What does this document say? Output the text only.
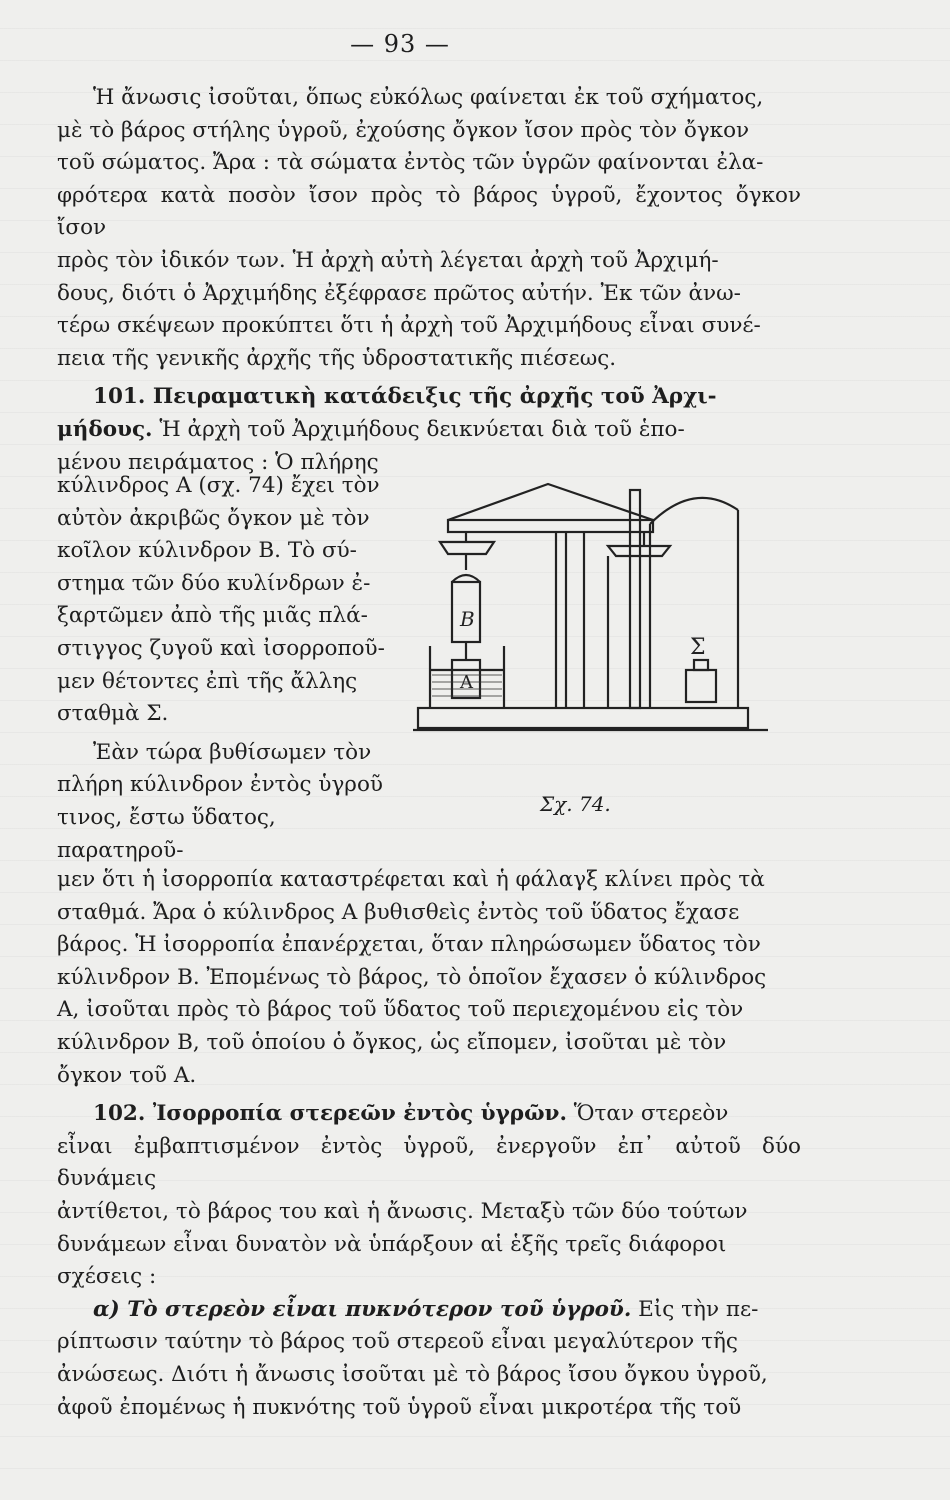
— 93 —

Ἡ ἄνωσις ἰσοῦται, ὅπως εὐκόλως φαίνεται ἐκ τοῦ σχήματος,

μὲ τὸ βάρος στήλης ὑγροῦ, ἐχούσης ὄγκον ἴσον πρὸς τὸν ὄγκον

τοῦ σώματος. Ἄρα : τὰ σώματα ἐντὸς τῶν ὑγρῶν φαίνονται ἐλα-

φρότερα κατὰ ποσὸν ἴσον πρὸς τὸ βάρος ὑγροῦ, ἔχοντος ὄγκον ἴσον

πρὸς τὸν ἰδικόν των. Ἡ ἀρχὴ αὐτὴ λέγεται ἀρχὴ τοῦ Ἀρχιμή-

δους, διότι ὁ Ἀρχιμήδης ἐξέφρασε πρῶτος αὐτήν. Ἐκ τῶν ἀνω-

τέρω σκέψεων προκύπτει ὅτι ἡ ἀρχὴ τοῦ Ἀρχιμήδους εἶναι συνέ-

πεια τῆς γενικῆς ἀρχῆς τῆς ὑδροστατικῆς πιέσεως.

101. Πειραματικὴ κατάδειξις τῆς ἀρχῆς τοῦ Ἀρχι-

μήδους. Ἡ ἀρχὴ τοῦ Ἀρχιμήδους δεικνύεται διὰ τοῦ ἑπο-

μένου πειράματος : Ὁ πλήρης

κύλινδρος Α (σχ. 74) ἔχει τὸν

αὐτὸν ἀκριβῶς ὄγκον μὲ τὸν

κοῖλον κύλινδρον Β. Τὸ σύ-

στημα τῶν δύο κυλίνδρων ἐ-

ξαρτῶμεν ἀπὸ τῆς μιᾶς πλά-

στιγγος ζυγοῦ καὶ ἰσορροποῦ-

μεν θέτοντες ἐπὶ τῆς ἄλλης

σταθμὰ Σ.

Ἐὰν τώρα βυθίσωμεν τὸν

πλήρη κύλινδρον ἐντὸς ὑγροῦ

τινος, ἔστω ὕδατος, παρατηροῦ-

Β
Α
Σ
Σχ. 74.

μεν ὅτι ἡ ἰσορροπία καταστρέφεται καὶ ἡ φάλαγξ κλίνει πρὸς τὰ

σταθμά. Ἄρα ὁ κύλινδρος Α βυθισθεὶς ἐντὸς τοῦ ὕδατος ἔχασε

βάρος. Ἡ ἰσορροπία ἐπανέρχεται, ὅταν πληρώσωμεν ὕδατος τὸν

κύλινδρον Β. Ἐπομένως τὸ βάρος, τὸ ὁποῖον ἔχασεν ὁ κύλινδρος

Α, ἰσοῦται πρὸς τὸ βάρος τοῦ ὕδατος τοῦ περιεχομένου εἰς τὸν

κύλινδρον Β, τοῦ ὁποίου ὁ ὄγκος, ὡς εἴπομεν, ἰσοῦται μὲ τὸν

ὄγκον τοῦ Α.

102. Ἰσορροπία στερεῶν ἐντὸς ὑγρῶν. Ὅταν στερεὸν

εἶναι ἐμβαπτισμένον ἐντὸς ὑγροῦ, ἐνεργοῦν ἐπ᾽ αὐτοῦ δύο δυνάμεις

ἀντίθετοι, τὸ βάρος του καὶ ἡ ἄνωσις. Μεταξὺ τῶν δύο τούτων

δυνάμεων εἶναι δυνατὸν νὰ ὑπάρξουν αἱ ἑξῆς τρεῖς διάφοροι

σχέσεις :

α) Τὸ στερεὸν εἶναι πυκνότερον τοῦ ὑγροῦ. Εἰς τὴν πε-

ρίπτωσιν ταύτην τὸ βάρος τοῦ στερεοῦ εἶναι μεγαλύτερον τῆς

ἀνώσεως. Διότι ἡ ἄνωσις ἰσοῦται μὲ τὸ βάρος ἴσου ὄγκου ὑγροῦ,

ἀφοῦ ἐπομένως ἡ πυκνότης τοῦ ὑγροῦ εἶναι μικροτέρα τῆς τοῦ
